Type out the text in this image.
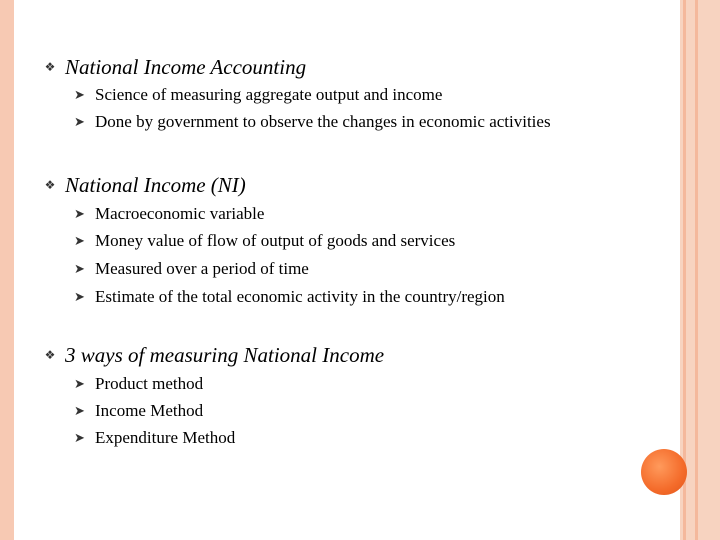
❖ National Income Accounting
➤ Science of measuring aggregate output and income
➤ Done by government to observe the changes in economic activities
❖ National Income (NI)
➤ Macroeconomic variable
➤ Money value of flow of output of goods and services
➤ Measured over a period of time
➤ Estimate of the total economic activity in the country/region
❖ 3 ways of measuring National Income
➤ Product method
➤ Income Method
➤ Expenditure Method
